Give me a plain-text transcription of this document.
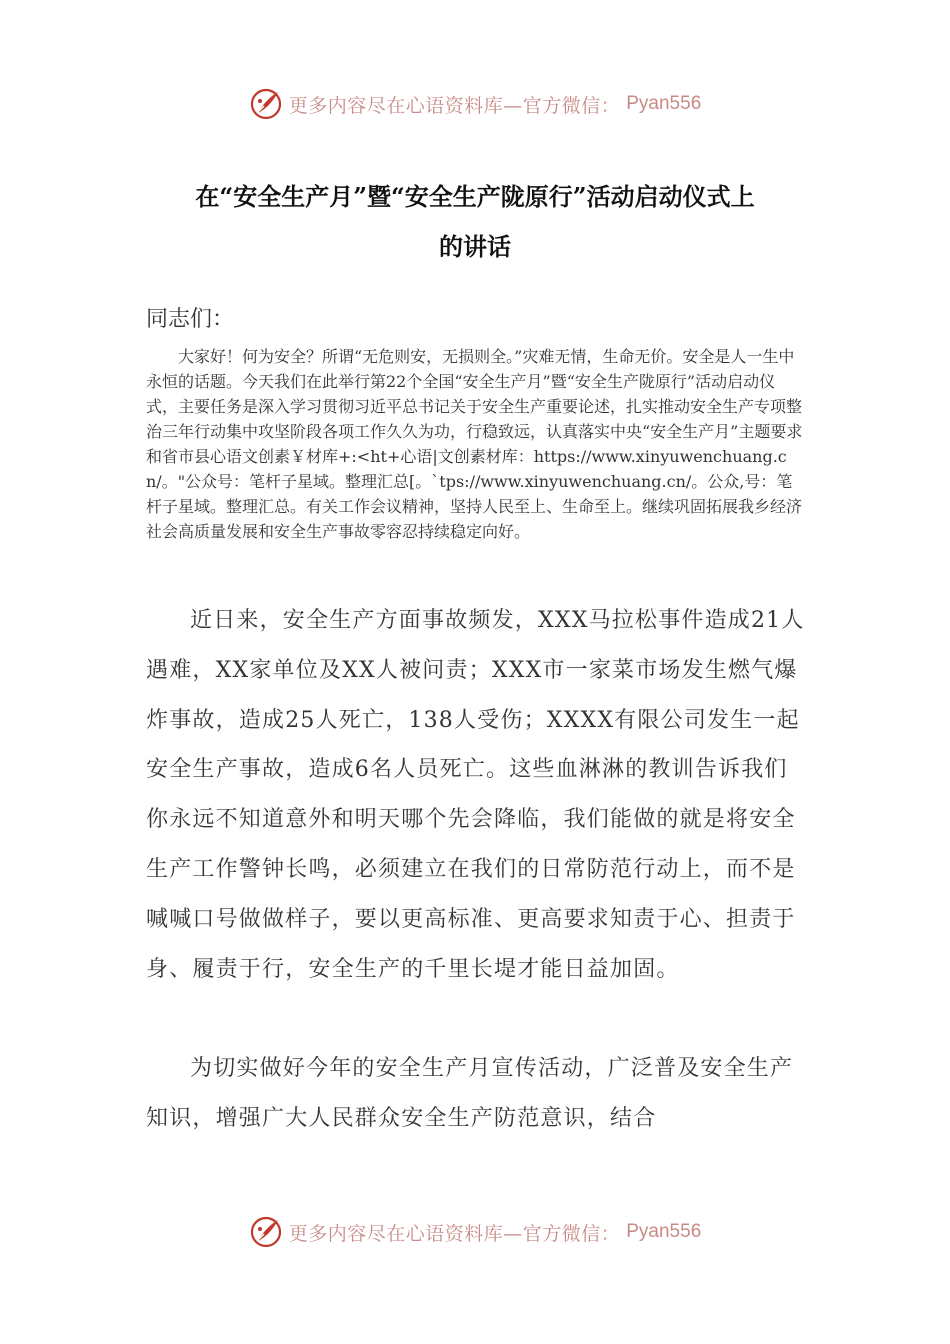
更多内容尽在心语资料库—官方微信： Pyan556
在“安全生产月”暨“安全生产陇原行”活动启动仪式上
的讲话

同志们：

大家好！何为安全？所谓“无危则安，无损则全。”灾难无情，生命无价。安全是人一生中永恒的话题。今天我们在此举行第22个全国“安全生产月”暨“安全生产陇原行”活动启动仪式，主要任务是深入学习贯彻习近平总书记关于安全生产重要论述，扎实推动安全生产专项整治三年行动集中攻坚阶段各项工作久久为功，行稳致远，认真落实中央“安全生产月”主题要求和省市县心语文创素￥材库+:<ht+心语|文创素材库：https://www.xinyuwenchuang.cn/。"公众号：笔杆子星域。整理汇总[。`tps://www.xinyuwenchuang.cn/。公众,号：笔杆子星域。整理汇总。有关工作会议精神，坚持人民至上、生命至上。继续巩固拓展我乡经济社会高质量发展和安全生产事故零容忍持续稳定向好。

近日来，安全生产方面事故频发，XXX马拉松事件造成21人遇难，XX家单位及XX人被问责；XXX市一家菜市场发生燃气爆炸事故，造成25人死亡，138人受伤；XXXX有限公司发生一起安全生产事故，造成6名人员死亡。这些血淋淋的教训告诉我们你永远不知道意外和明天哪个先会降临，我们能做的就是将安全生产工作警钟长鸣，必须建立在我们的日常防范行动上，而不是喊喊口号做做样子，要以更高标准、更高要求知责于心、担责于身、履责于行，安全生产的千里长堤才能日益加固。

为切实做好今年的安全生产月宣传活动，广泛普及安全生产知识，增强广大人民群众安全生产防范意识，结合

更多内容尽在心语资料库—官方微信： Pyan556
